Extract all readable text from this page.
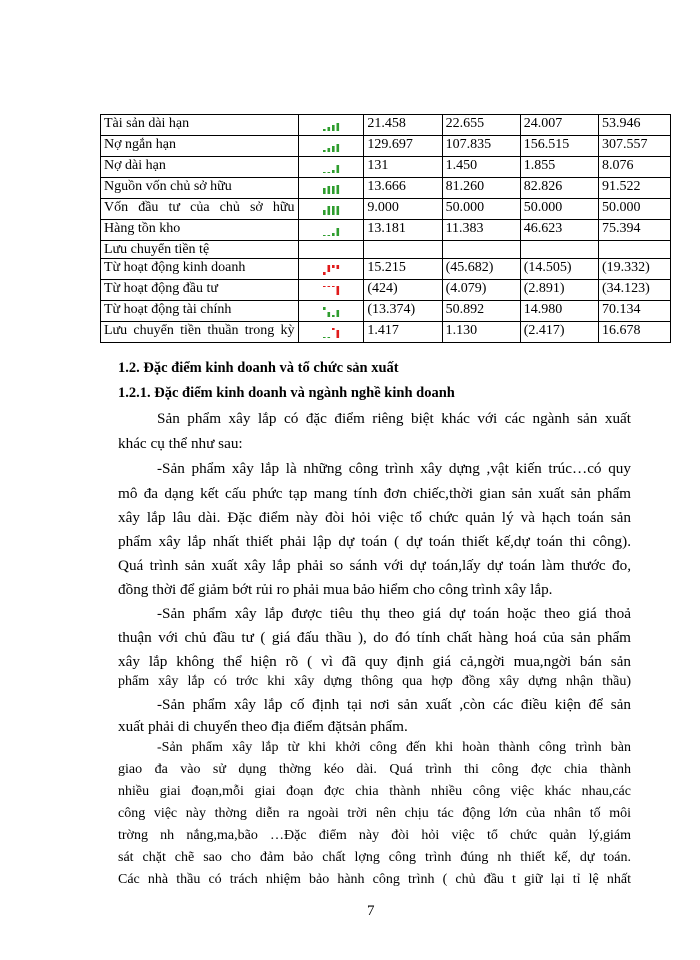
Tài sản dài hạn		21.458	22.655	24.007	53.946
Nợ ngắn hạn		129.697	107.835	156.515	307.557
Nợ dài hạn		131	1.450	1.855	8.076
Nguồn vốn chủ sở hữu		13.666	81.260	82.826	91.522
Vốn đầu tư của chủ sở hữu		9.000	50.000	50.000	50.000
Hàng tồn kho		13.181	11.383	46.623	75.394
Lưu chuyển tiền tệ					
Từ hoạt động kinh doanh		15.215	(45.682)	(14.505)	(19.332)
Từ hoạt động đầu tư		(424)	(4.079)	(2.891)	(34.123)
Từ hoạt động tài chính		(13.374)	50.892	14.980	70.134
Lưu chuyển tiền thuần trong kỳ		1.417	1.130	(2.417)	16.678
1.2. Đặc điểm kinh doanh và tổ chức sản xuất
1.2.1. Đặc điểm kinh doanh và ngành nghề kinh doanh
Sản phẩm xây lắp có đặc điểm riêng biệt khác với các ngành sản xuất
khác cụ thể như sau:
-Sản phẩm xây lắp là những công trình xây dựng ,vật kiến trúc…có quy
mô đa dạng kết cấu phức tạp mang tính đơn chiếc,thời gian sản xuất sản phẩm
xây lắp lâu dài. Đặc điểm này đòi hỏi việc tổ chức quản lý và hạch toán sản
phẩm xây lắp nhất thiết phải lập dự toán ( dự toán thiết kế,dự toán thi công).
Quá trình sản xuất xây lắp phải so sánh với dự toán,lấy dự toán làm thước đo,
đồng thời để giảm bớt rủi ro phải mua bảo hiểm cho công trình xây lắp.
-Sản phẩm xây lắp được tiêu thụ theo giá dự toán hoặc theo giá thoả
thuận với chủ đầu tư ( giá đấu thầu ), do đó tính chất hàng hoá của sản phẩm
xây lắp không thể hiện rõ ( vì đã quy định giá cả,ngời mua,ngời bán sản
phẩm xây lắp có trớc khi xây dựng thông qua hợp đồng xây dựng nhận thầu)
-Sản phẩm xây lắp cố định tại nơi sản xuất ,còn các điều kiện để sản
xuất phải di chuyển theo địa điểm đặtsản phẩm.
-Sản phẩm xây lắp từ khi khởi công đến khi hoàn thành công trình bàn
giao đa vào sử dụng thờng kéo dài. Quá trình thi công đợc chia thành
nhiều giai đoạn,mỗi giai đoạn đợc chia thành nhiều công việc khác nhau,các
công việc này thờng diễn ra ngoài trời nên chịu tác động lớn của nhân tố môi
trờng nh nắng,ma,bão …Đặc điểm này đòi hỏi việc tổ chức quản lý,giám
sát chặt chẽ sao cho đảm bảo chất lợng công trình đúng nh thiết kế, dự toán.
Các nhà thầu có trách nhiệm bảo hành công trình ( chủ đầu t giữ lại tỉ lệ nhất
7
